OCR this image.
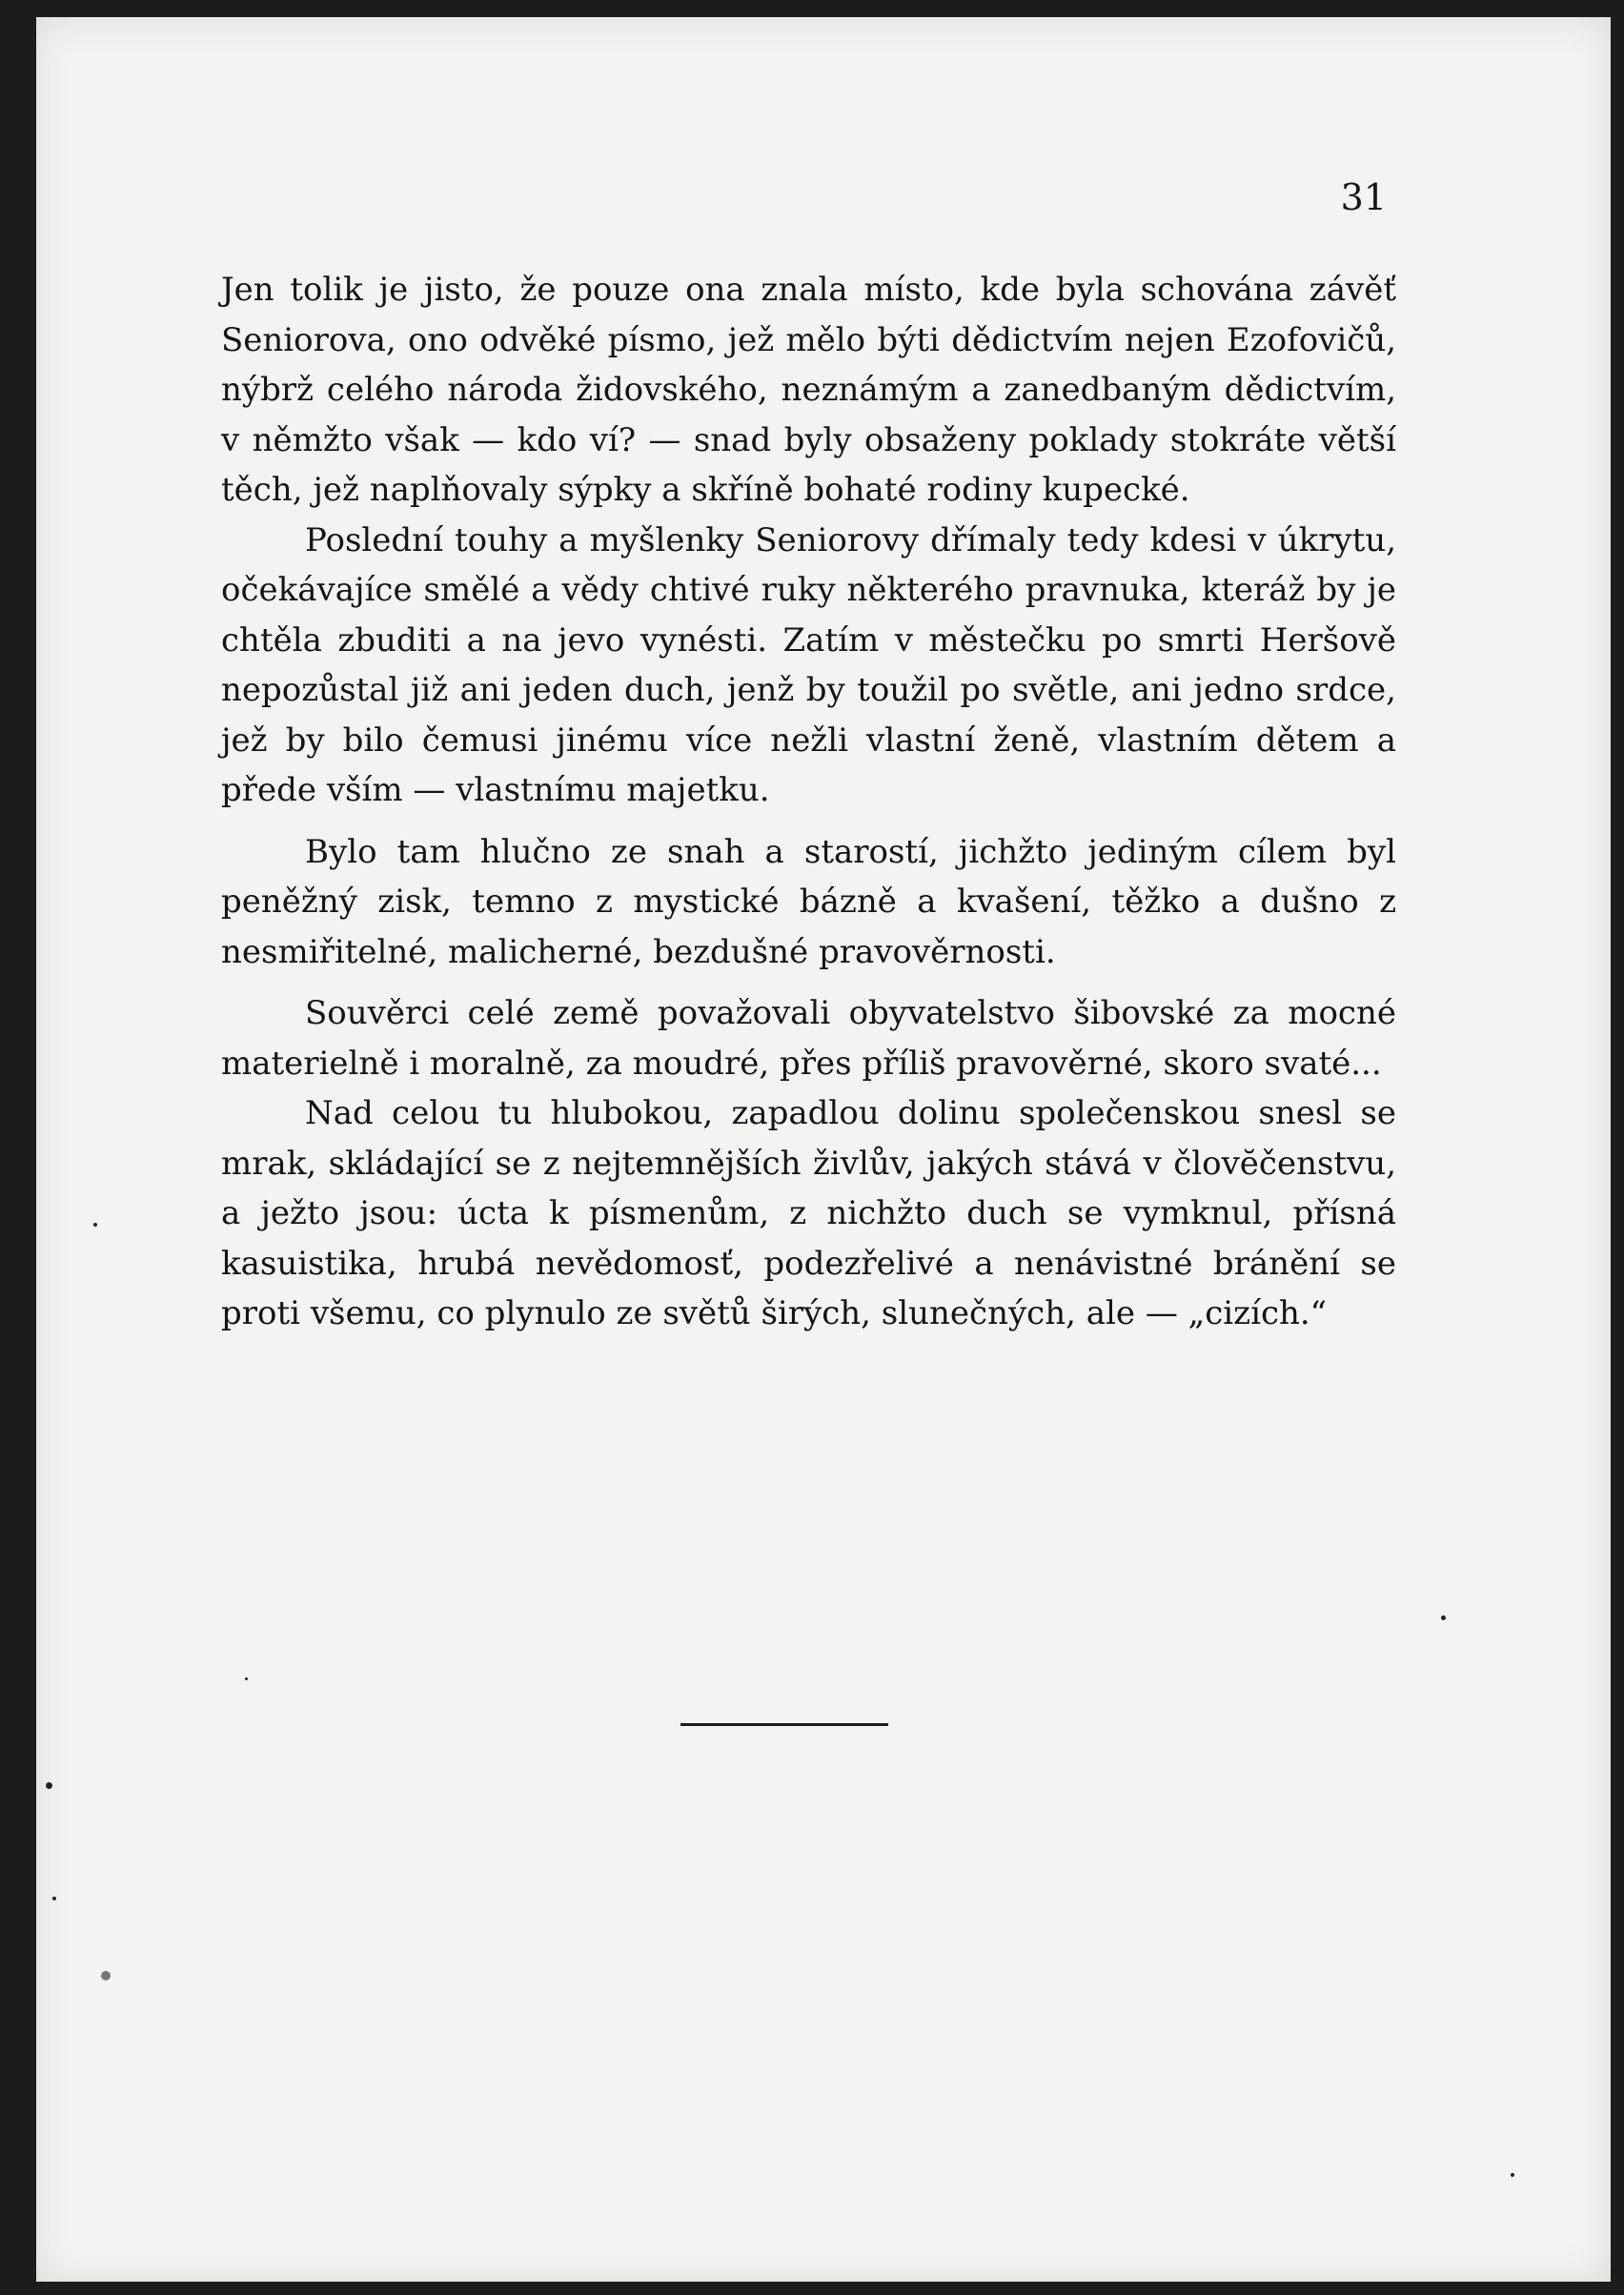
31

Jen tolik je jisto, že pouze ona znala místo, kde byla schována závěť Seniorova, ono odvěké písmo, jež mělo býti dědictvím nejen Ezofovičů, nýbrž celého národa židovského, neznámým a zanedbaným dědictvím, v němžto však — kdo ví? — snad byly obsaženy poklady stokráte větší těch, jež naplňovaly sýpky a skříně bohaté rodiny kupecké.

Poslední touhy a myšlenky Seniorovy dřímaly tedy kdesi v úkrytu, očekávajíce smělé a vědy chtivé ruky některého pravnuka, kteráž by je chtěla zbuditi a na jevo vynésti. Zatím v městečku po smrti Heršově nepozůstal již ani jeden duch, jenž by toužil po světle, ani jedno srdce, jež by bilo čemusi jinému více nežli vlastní ženě, vlastním dětem a přede vším — vlastnímu majetku.

Bylo tam hlučno ze snah a starostí, jichžto jediným cílem byl peněžný zisk, temno z mystické bázně a kvašení, těžko a dušno z nesmiřitelné, malicherné, bezdušné pravověrnosti.

Souvěrci celé země považovali obyvatelstvo šibovské za mocné materielně i moralně, za moudré, přes příliš pravověrné, skoro svaté...

Nad celou tu hlubokou, zapadlou dolinu společenskou snesl se mrak, skládající se z nejtemnějších živlův, jakých stává v človĕčenstvu, a ježto jsou: úcta k písmenům, z nichžto duch se vymknul, přísná kasuistika, hrubá nevědomosť, podezřelivé a nenávistné bránění se proti všemu, co plynulo ze světů širých, slunečných, ale — „cizích.“
